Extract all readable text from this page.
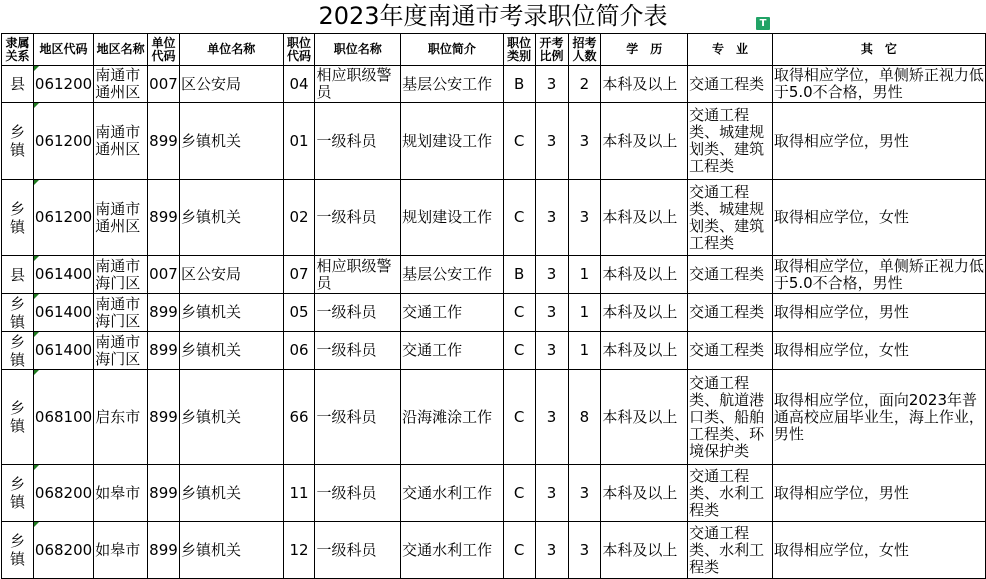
2023年度南通市考录职位简介表	T
隶属关系	地区代码	地区名称	单位代码	单位名称	职位代码	职位名称	职位简介	职位类别	开考比例	招考人数	学　历	专　业	其　它

县	061200	南通市通州区	007	区公安局	04	相应职级警员	基层公安工作	B	3	2	本科及以上	交通工程类	取得相应学位，单侧矫正视力低于5.0不合格，男性

乡镇	061200	南通市通州区	899	乡镇机关	01	一级科员	规划建设工作	C	3	3	本科及以上	交通工程类、城建规划类、建筑工程类	取得相应学位，男性

乡镇	061200	南通市通州区	899	乡镇机关	02	一级科员	规划建设工作	C	3	3	本科及以上	交通工程类、城建规划类、建筑工程类	取得相应学位，女性

县	061400	南通市海门区	007	区公安局	07	相应职级警员	基层公安工作	B	3	1	本科及以上	交通工程类	取得相应学位，单侧矫正视力低于5.0不合格，男性

乡镇	061400	南通市海门区	899	乡镇机关	05	一级科员	交通工作	C	3	1	本科及以上	交通工程类	取得相应学位，男性

乡镇	061400	南通市海门区	899	乡镇机关	06	一级科员	交通工作	C	3	1	本科及以上	交通工程类	取得相应学位，女性

乡镇	068100	启东市	899	乡镇机关	66	一级科员	沿海滩涂工作	C	3	8	本科及以上	交通工程类、航道港口类、船舶工程类、环境保护类	取得相应学位，面向2023年普通高校应届毕业生，海上作业，男性

乡镇	068200	如皋市	899	乡镇机关	11	一级科员	交通水利工作	C	3	3	本科及以上	交通工程类、水利工程类	取得相应学位，男性

乡镇	068200	如皋市	899	乡镇机关	12	一级科员	交通水利工作	C	3	3	本科及以上	交通工程类、水利工程类	取得相应学位，女性
